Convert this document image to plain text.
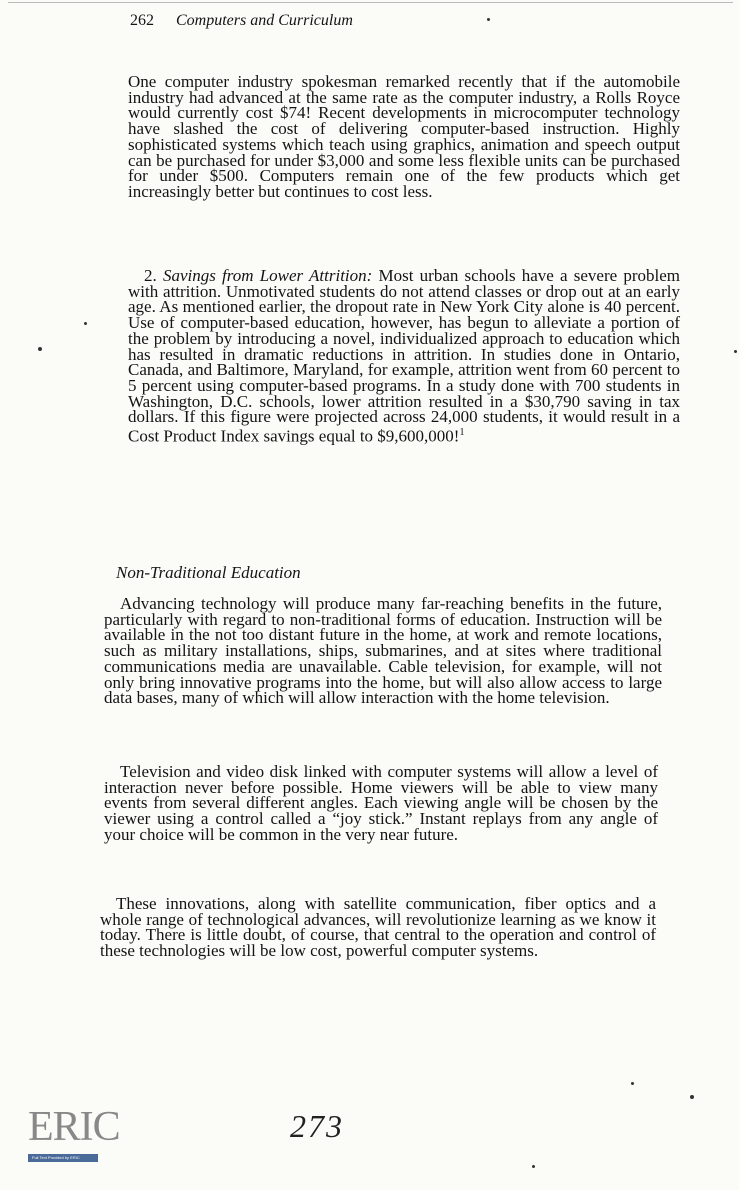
262 Computers and Curriculum

One computer industry spokesman remarked recently that if the automobile industry had advanced at the same rate as the computer industry, a Rolls Royce would currently cost $74! Recent developments in microcomputer technology have slashed the cost of delivering computer-based instruction. Highly sophisticated systems which teach using graphics, animation and speech output can be purchased for under $3,000 and some less flexible units can be purchased for under $500. Computers remain one of the few products which get increasingly better but continues to cost less.

2. Savings from Lower Attrition: Most urban schools have a severe problem with attrition. Unmotivated students do not attend classes or drop out at an early age. As mentioned earlier, the dropout rate in New York City alone is 40 percent. Use of computer-based education, however, has begun to alleviate a portion of the problem by introducing a novel, individualized approach to education which has resulted in dramatic reductions in attrition. In studies done in Ontario, Canada, and Baltimore, Maryland, for example, attrition went from 60 percent to 5 percent using computer-based programs. In a study done with 700 students in Washington, D.C. schools, lower attrition resulted in a $30,790 saving in tax dollars. If this figure were projected across 24,000 students, it would result in a Cost Product Index savings equal to $9,600,000!$^1$

Non-Traditional Education

Advancing technology will produce many far-reaching benefits in the future, particularly with regard to non-traditional forms of education. Instruction will be available in the not too distant future in the home, at work and remote locations, such as military installations, ships, submarines, and at sites where traditional communications media are unavailable. Cable television, for example, will not only bring innovative programs into the home, but will also allow access to large data bases, many of which will allow interaction with the home television.

Television and video disk linked with computer systems will allow a level of interaction never before possible. Home viewers will be able to view many events from several different angles. Each viewing angle will be chosen by the viewer using a control called a “joy stick.” Instant replays from any angle of your choice will be common in the very near future.

These innovations, along with satellite communication, fiber optics and a whole range of technological advances, will revolutionize learning as we know it today. There is little doubt, of course, that central to the operation and control of these technologies will be low cost, powerful computer systems.

ERIC
Full Text Provided by ERIC
273
